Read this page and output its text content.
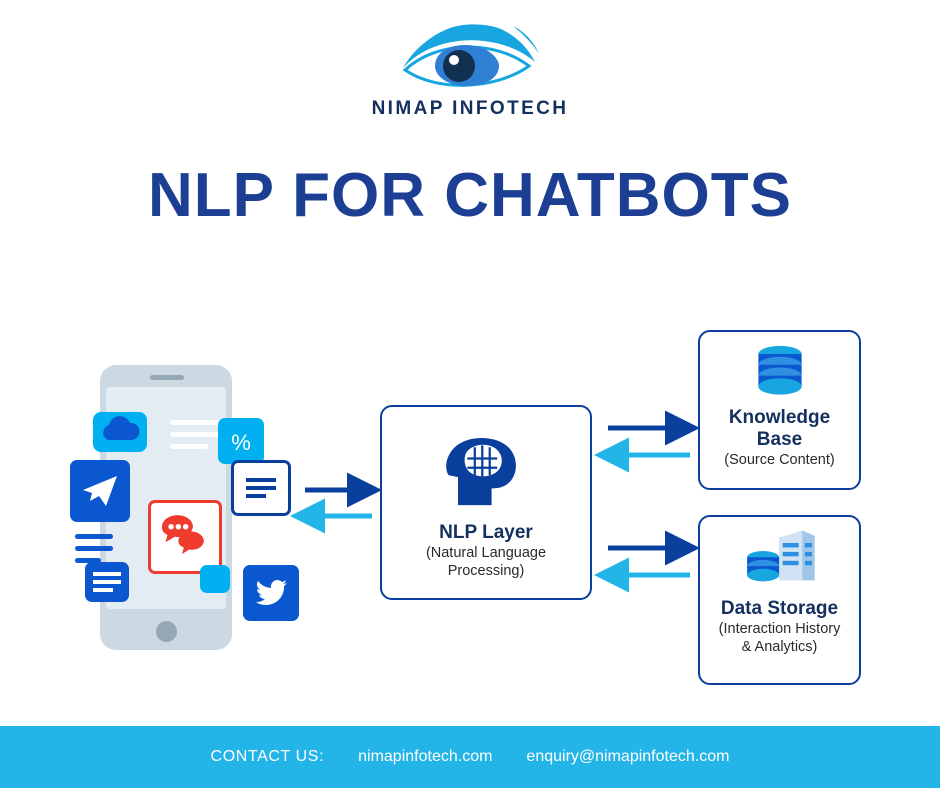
NIMAP INFOTECH
NLP FOR CHATBOTS
%
NLP Layer
(Natural Language
Processing)
Knowledge
Base
(Source Content)
Data Storage
(Interaction History
& Analytics)
CONTACT US: nimapinfotech.com enquiry@nimapinfotech.com
